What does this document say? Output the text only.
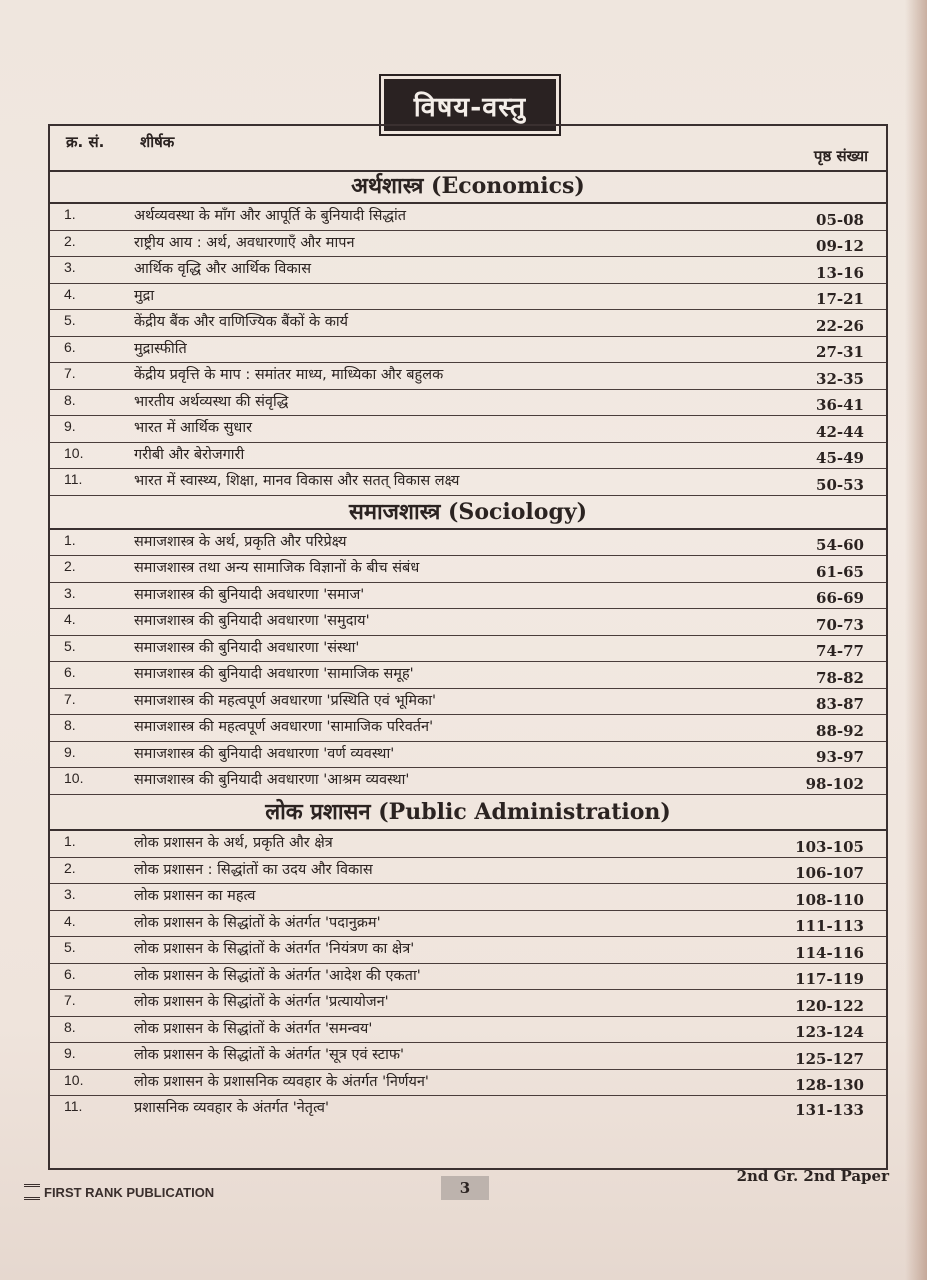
विषय-वस्तु
क्र. सं. शीर्षक
पृष्ठ संख्या
अर्थशास्त्र (Economics)
1.	अर्थव्यवस्था के माँग और आपूर्ति के बुनियादी सिद्धांत	05-08
2.	राष्ट्रीय आय : अर्थ, अवधारणाएँ और मापन	09-12
3.	आर्थिक वृद्धि और आर्थिक विकास	13-16
4.	मुद्रा	17-21
5.	केंद्रीय बैंक और वाणिज्यिक बैंकों के कार्य	22-26
6.	मुद्रास्फीति	27-31
7.	केंद्रीय प्रवृत्ति के माप : समांतर माध्य, माध्यिका और बहुलक	32-35
8.	भारतीय अर्थव्यस्था की संवृद्धि	36-41
9.	भारत में आर्थिक सुधार	42-44
10.	गरीबी और बेरोजगारी	45-49
11.	भारत में स्वास्थ्य, शिक्षा, मानव विकास और सतत् विकास लक्ष्य	50-53
समाजशास्त्र (Sociology)
1.	समाजशास्त्र के अर्थ, प्रकृति और परिप्रेक्ष्य	54-60
2.	समाजशास्त्र तथा अन्य सामाजिक विज्ञानों के बीच संबंध	61-65
3.	समाजशास्त्र की बुनियादी अवधारणा 'समाज'	66-69
4.	समाजशास्त्र की बुनियादी अवधारणा 'समुदाय'	70-73
5.	समाजशास्त्र की बुनियादी अवधारणा 'संस्था'	74-77
6.	समाजशास्त्र की बुनियादी अवधारणा 'सामाजिक समूह'	78-82
7.	समाजशास्त्र की महत्वपूर्ण अवधारणा 'प्रस्थिति एवं भूमिका'	83-87
8.	समाजशास्त्र की महत्वपूर्ण अवधारणा 'सामाजिक परिवर्तन'	88-92
9.	समाजशास्त्र की बुनियादी अवधारणा 'वर्ण व्यवस्था'	93-97
10.	समाजशास्त्र की बुनियादी अवधारणा 'आश्रम व्यवस्था'	98-102
लोक प्रशासन (Public Administration)
1.	लोक प्रशासन के अर्थ, प्रकृति और क्षेत्र	103-105
2.	लोक प्रशासन : सिद्धांतों का उदय और विकास	106-107
3.	लोक प्रशासन का महत्व	108-110
4.	लोक प्रशासन के सिद्धांतों के अंतर्गत 'पदानुक्रम'	111-113
5.	लोक प्रशासन के सिद्धांतों के अंतर्गत 'नियंत्रण का क्षेत्र'	114-116
6.	लोक प्रशासन के सिद्धांतों के अंतर्गत 'आदेश की एकता'	117-119
7.	लोक प्रशासन के सिद्धांतों के अंतर्गत 'प्रत्यायोजन'	120-122
8.	लोक प्रशासन के सिद्धांतों के अंतर्गत 'समन्वय'	123-124
9.	लोक प्रशासन के सिद्धांतों के अंतर्गत 'सूत्र एवं स्टाफ'	125-127
10.	लोक प्रशासन के प्रशासनिक व्यवहार के अंतर्गत 'निर्णयन'	128-130
11.	प्रशासनिक व्यवहार के अंतर्गत 'नेतृत्व'	131-133
FIRST RANK PUBLICATION	3
2nd Gr. 2nd Paper
